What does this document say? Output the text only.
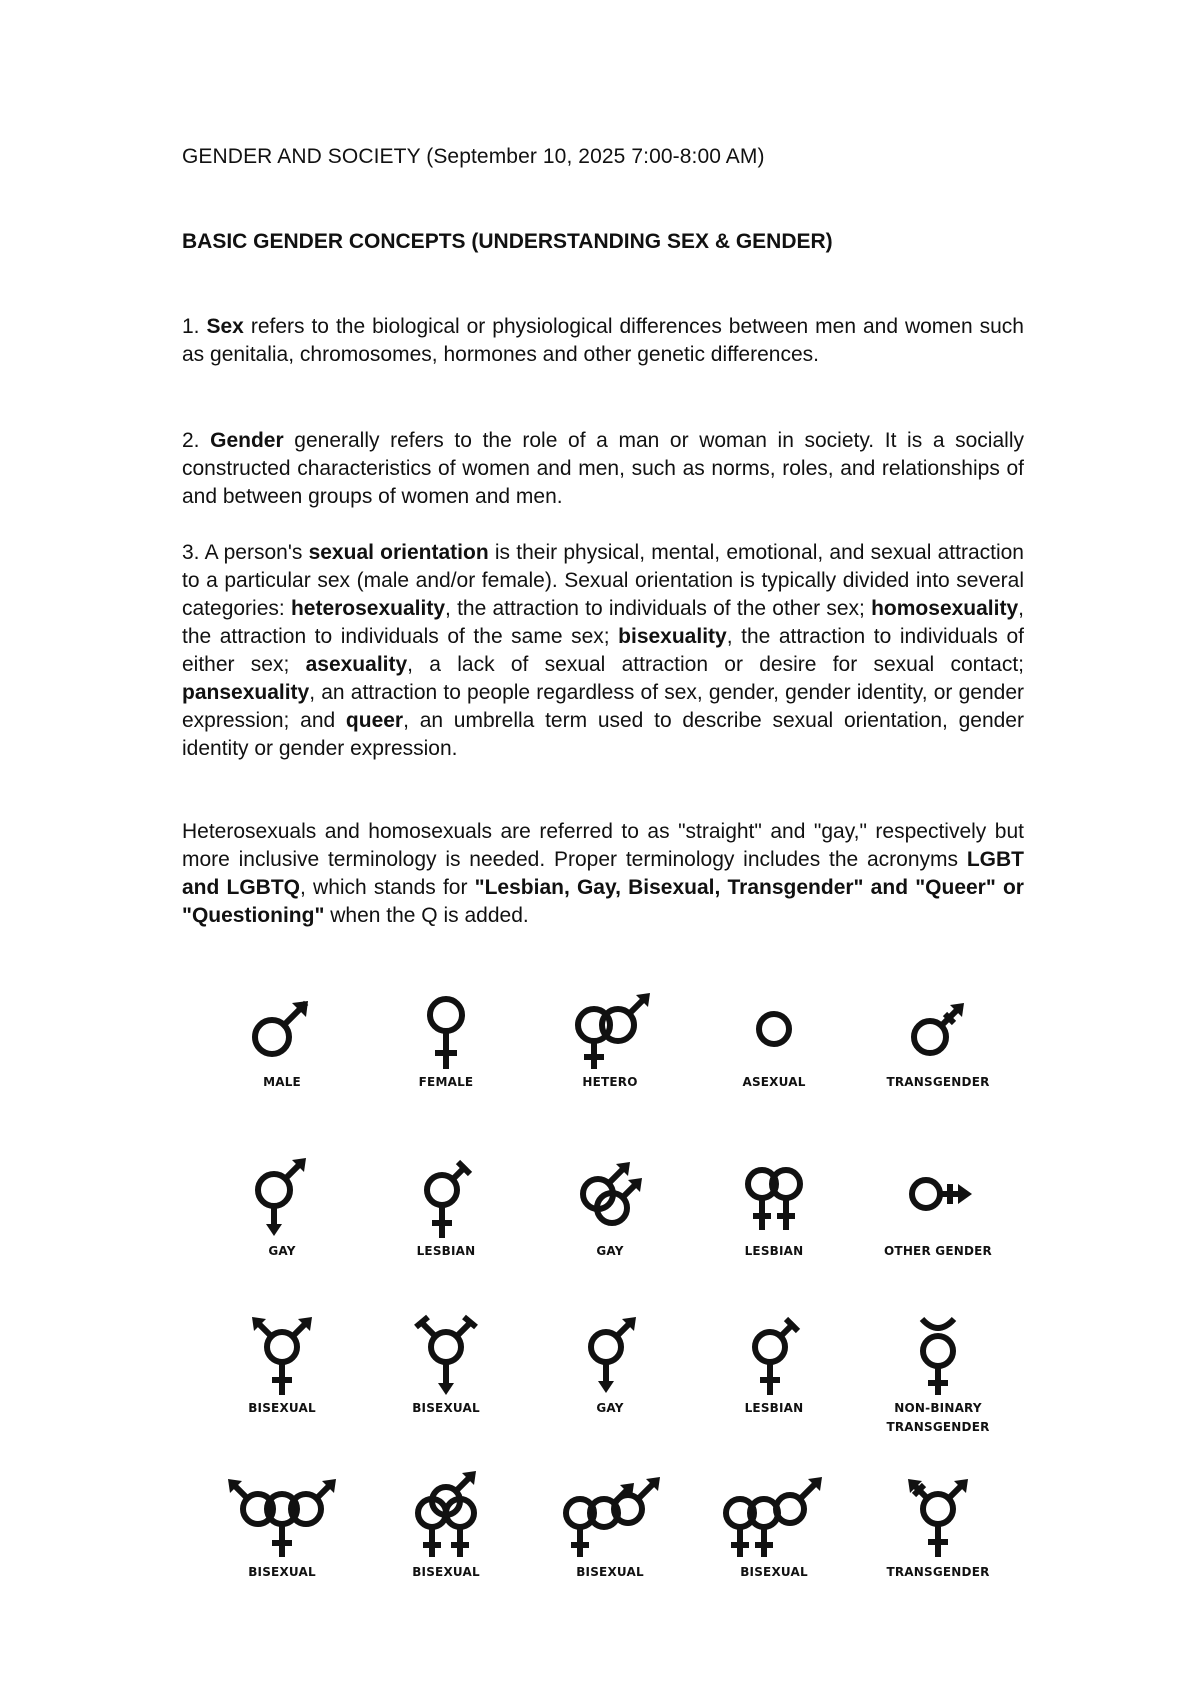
GENDER AND SOCIETY (September 10, 2025 7:00-8:00 AM)
BASIC GENDER CONCEPTS (UNDERSTANDING SEX & GENDER)
1. Sex refers to the biological or physiological differences between men and women such as genitalia, chromosomes, hormones and other genetic differences.
2. Gender generally refers to the role of a man or woman in society. It is a socially constructed characteristics of women and men, such as norms, roles, and relationships of and between groups of women and men.
3. A person's sexual orientation is their physical, mental, emotional, and sexual attraction to a particular sex (male and/or female). Sexual orientation is typically divided into several categories: heterosexuality, the attraction to individuals of the other sex; homosexuality, the attraction to individuals of the same sex; bisexuality, the attraction to individuals of either sex; asexuality, a lack of sexual attraction or desire for sexual contact; pansexuality, an attraction to people regardless of sex, gender, gender identity, or gender expression; and queer, an umbrella term used to describe sexual orientation, gender identity or gender expression.
Heterosexuals and homosexuals are referred to as "straight" and "gay," respectively but more inclusive terminology is needed. Proper terminology includes the acronyms LGBT and LGBTQ, which stands for "Lesbian, Gay, Bisexual, Transgender" and "Queer" or "Questioning" when the Q is added.
MALE	FEMALE	HETERO	ASEXUAL	TRANSGENDER
GAY	LESBIAN	GAY	LESBIAN	OTHER GENDER
BISEXUAL	BISEXUAL	GAY	LESBIAN	NON-BINARY TRANSGENDER
BISEXUAL	BISEXUAL	BISEXUAL	BISEXUAL	TRANSGENDER
